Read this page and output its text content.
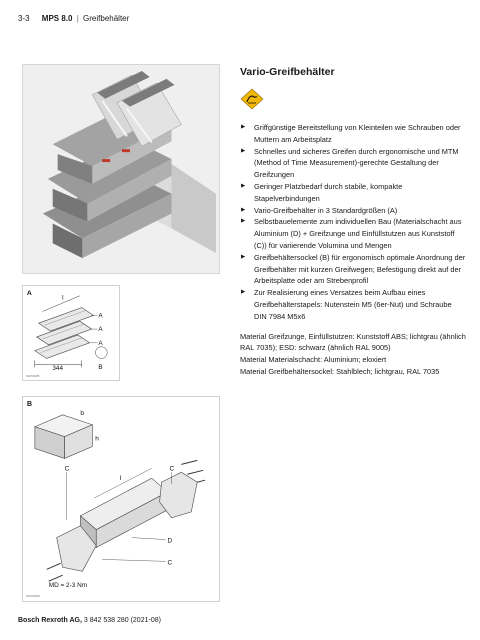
3-3 MPS 8.0 | Greifbehälter
A
l
A
A
A
B
344
3842538285
B
b
h
l
C	C
D
C
MD = 2-3 Nm
3842538286
Vario-Greifbehälter
▶ Griffgünstige Bereitstellung von Kleinteilen wie Schrauben oder Muttern am Arbeitsplatz
▶ Schnelles und sicheres Greifen durch ergonomische und MTM (Method of Time Measurement)-gerechte Gestaltung der Greifzungen
▶ Geringer Platzbedarf durch stabile, kompakte Stapelverbindungen
▶ Vario-Greifbehälter in 3 Standardgrößen (A)
▶ Selbstbauelemente zum individuellen Bau (Materialschacht aus Aluminium (D) + Greifzunge und Einfüllstutzen aus Kunststoff (C)) für variierende Volumina und Mengen
▶ Greifbehältersockel (B) für ergonomisch optimale Anordnung der Greifbehälter mit kurzen Greifwegen; Befestigung direkt auf der Arbeitsplatte oder am Strebenprofil
▶ Zur Realisierung eines Versatzes beim Aufbau eines Greifbehälterstapels: Nutenstein M5 (6er-Nut) und Schraube DIN 7984 M5x6
Material Greifzunge, Einfüllstutzen: Kunststoff ABS; lichtgrau (ähnlich RAL 7035); ESD: schwarz (ähnlich RAL 9005)
Material Materialschacht: Aluminium; eloxiert
Material Greifbehältersockel: Stahlblech; lichtgrau, RAL 7035
Bosch Rexroth AG, 3 842 538 280 (2021-08)
